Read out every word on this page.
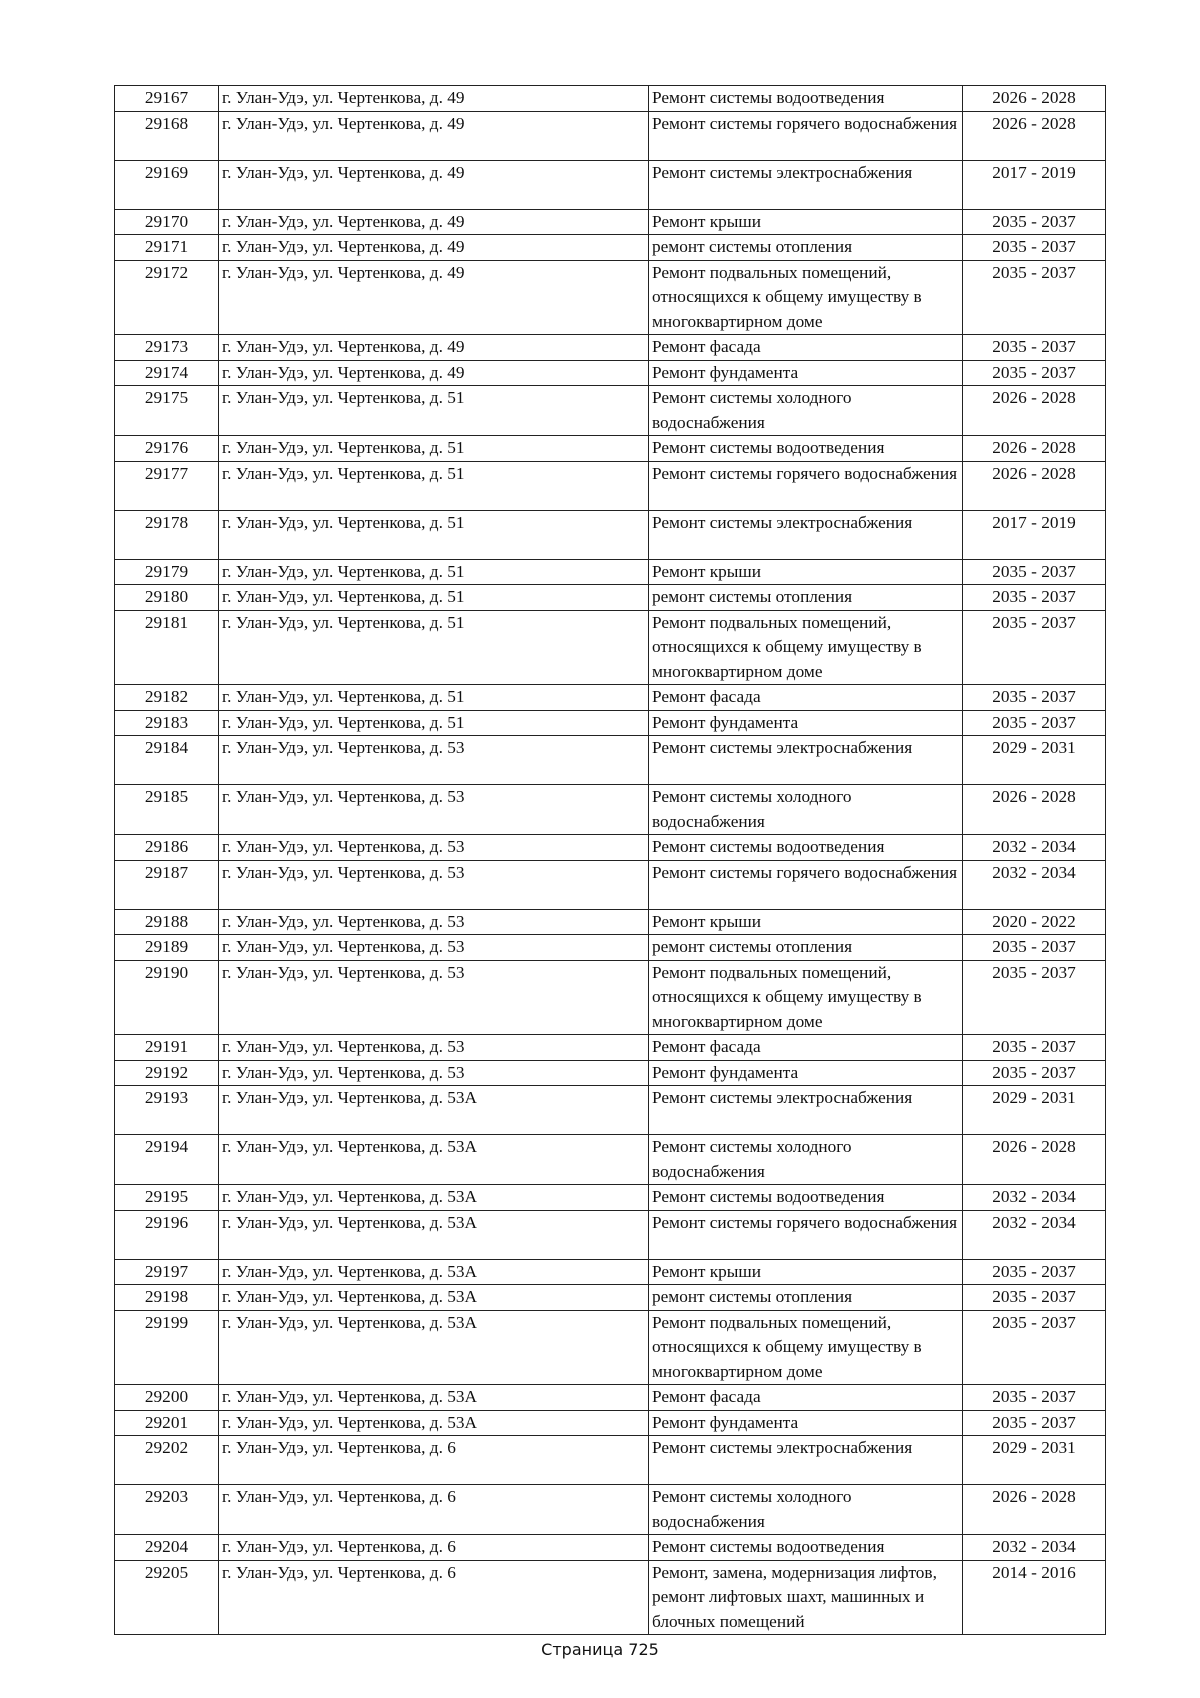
29167	г. Улан-Удэ, ул. Чертенкова, д. 49	Ремонт системы водоотведения	2026 - 2028
29168	г. Улан-Удэ, ул. Чертенкова, д. 49	Ремонт системы горячего водоснабжения	2026 - 2028
29169	г. Улан-Удэ, ул. Чертенкова, д. 49	Ремонт системы электроснабжения	2017 - 2019
29170	г. Улан-Удэ, ул. Чертенкова, д. 49	Ремонт крыши	2035 - 2037
29171	г. Улан-Удэ, ул. Чертенкова, д. 49	ремонт системы отопления	2035 - 2037
29172	г. Улан-Удэ, ул. Чертенкова, д. 49	Ремонт подвальных помещений, относящихся к общему имуществу в многоквартирном доме	2035 - 2037
29173	г. Улан-Удэ, ул. Чертенкова, д. 49	Ремонт фасада	2035 - 2037
29174	г. Улан-Удэ, ул. Чертенкова, д. 49	Ремонт фундамента	2035 - 2037
29175	г. Улан-Удэ, ул. Чертенкова, д. 51	Ремонт системы холодного водоснабжения	2026 - 2028
29176	г. Улан-Удэ, ул. Чертенкова, д. 51	Ремонт системы водоотведения	2026 - 2028
29177	г. Улан-Удэ, ул. Чертенкова, д. 51	Ремонт системы горячего водоснабжения	2026 - 2028
29178	г. Улан-Удэ, ул. Чертенкова, д. 51	Ремонт системы электроснабжения	2017 - 2019
29179	г. Улан-Удэ, ул. Чертенкова, д. 51	Ремонт крыши	2035 - 2037
29180	г. Улан-Удэ, ул. Чертенкова, д. 51	ремонт системы отопления	2035 - 2037
29181	г. Улан-Удэ, ул. Чертенкова, д. 51	Ремонт подвальных помещений, относящихся к общему имуществу в многоквартирном доме	2035 - 2037
29182	г. Улан-Удэ, ул. Чертенкова, д. 51	Ремонт фасада	2035 - 2037
29183	г. Улан-Удэ, ул. Чертенкова, д. 51	Ремонт фундамента	2035 - 2037
29184	г. Улан-Удэ, ул. Чертенкова, д. 53	Ремонт системы электроснабжения	2029 - 2031
29185	г. Улан-Удэ, ул. Чертенкова, д. 53	Ремонт системы холодного водоснабжения	2026 - 2028
29186	г. Улан-Удэ, ул. Чертенкова, д. 53	Ремонт системы водоотведения	2032 - 2034
29187	г. Улан-Удэ, ул. Чертенкова, д. 53	Ремонт системы горячего водоснабжения	2032 - 2034
29188	г. Улан-Удэ, ул. Чертенкова, д. 53	Ремонт крыши	2020 - 2022
29189	г. Улан-Удэ, ул. Чертенкова, д. 53	ремонт системы отопления	2035 - 2037
29190	г. Улан-Удэ, ул. Чертенкова, д. 53	Ремонт подвальных помещений, относящихся к общему имуществу в многоквартирном доме	2035 - 2037
29191	г. Улан-Удэ, ул. Чертенкова, д. 53	Ремонт фасада	2035 - 2037
29192	г. Улан-Удэ, ул. Чертенкова, д. 53	Ремонт фундамента	2035 - 2037
29193	г. Улан-Удэ, ул. Чертенкова, д. 53А	Ремонт системы электроснабжения	2029 - 2031
29194	г. Улан-Удэ, ул. Чертенкова, д. 53А	Ремонт системы холодного водоснабжения	2026 - 2028
29195	г. Улан-Удэ, ул. Чертенкова, д. 53А	Ремонт системы водоотведения	2032 - 2034
29196	г. Улан-Удэ, ул. Чертенкова, д. 53А	Ремонт системы горячего водоснабжения	2032 - 2034
29197	г. Улан-Удэ, ул. Чертенкова, д. 53А	Ремонт крыши	2035 - 2037
29198	г. Улан-Удэ, ул. Чертенкова, д. 53А	ремонт системы отопления	2035 - 2037
29199	г. Улан-Удэ, ул. Чертенкова, д. 53А	Ремонт подвальных помещений, относящихся к общему имуществу в многоквартирном доме	2035 - 2037
29200	г. Улан-Удэ, ул. Чертенкова, д. 53А	Ремонт фасада	2035 - 2037
29201	г. Улан-Удэ, ул. Чертенкова, д. 53А	Ремонт фундамента	2035 - 2037
29202	г. Улан-Удэ, ул. Чертенкова, д. 6	Ремонт системы электроснабжения	2029 - 2031
29203	г. Улан-Удэ, ул. Чертенкова, д. 6	Ремонт системы холодного водоснабжения	2026 - 2028
29204	г. Улан-Удэ, ул. Чертенкова, д. 6	Ремонт системы водоотведения	2032 - 2034
29205	г. Улан-Удэ, ул. Чертенкова, д. 6	Ремонт, замена, модернизация лифтов, ремонт лифтовых шахт, машинных и блочных помещений	2014 - 2016
Страница 725
